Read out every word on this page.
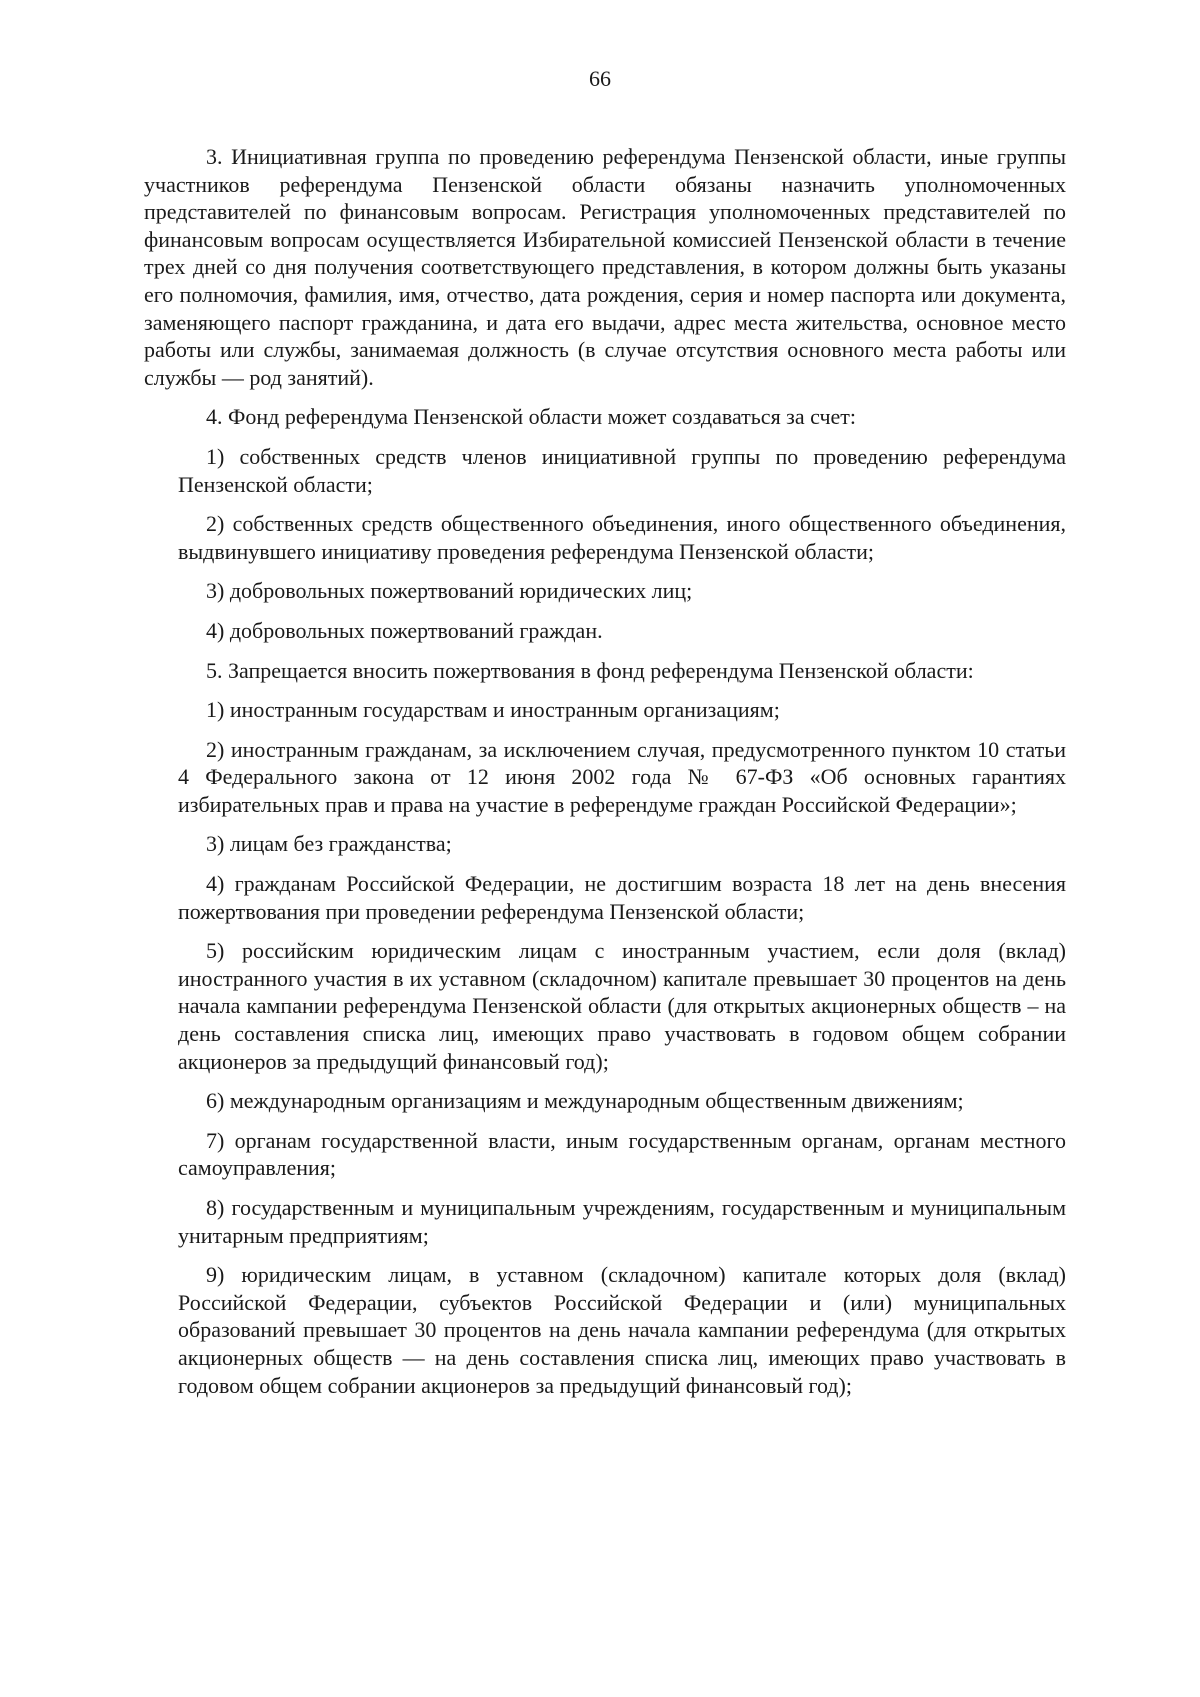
66

3. Инициативная группа по проведению референдума Пензенской области, иные группы участников референдума Пензенской области обязаны назначить уполномоченных представителей по финансовым вопросам. Регистрация уполномоченных представителей по финансовым вопросам осуществляется Избирательной комиссией Пензенской области в течение трех дней со дня получения соответствующего представления, в котором должны быть указаны его полномочия, фамилия, имя, отчество, дата рождения, серия и номер паспорта или документа, заменяющего паспорт гражданина, и дата его выдачи, адрес места жительства, основное место работы или службы, занимаемая должность (в случае отсутствия основного места работы или службы — род занятий).

4. Фонд референдума Пензенской области может создаваться за счет:

1) собственных средств членов инициативной группы по проведению референдума Пензенской области;

2) собственных средств общественного объединения, иного общественного объединения, выдвинувшего инициативу проведения референдума Пензенской области;

3) добровольных пожертвований юридических лиц;

4) добровольных пожертвований граждан.

5. Запрещается вносить пожертвования в фонд референдума Пензенской области:

1) иностранным государствам и иностранным организациям;

2) иностранным гражданам, за исключением случая, предусмотренного пунктом 10 статьи 4 Федерального закона от 12 июня 2002 года № 67-ФЗ «Об основных гарантиях избирательных прав и права на участие в референдуме граждан Российской Федерации»;

3) лицам без гражданства;

4) гражданам Российской Федерации, не достигшим возраста 18 лет на день внесения пожертвования при проведении референдума Пензенской области;

5) российским юридическим лицам с иностранным участием, если доля (вклад) иностранного участия в их уставном (складочном) капитале превышает 30 процентов на день начала кампании референдума Пензенской области (для открытых акционерных обществ – на день составления списка лиц, имеющих право участвовать в годовом общем собрании акционеров за предыдущий финансовый год);

6) международным организациям и международным общественным движениям;

7) органам государственной власти, иным государственным органам, органам местного самоуправления;

8) государственным и муниципальным учреждениям, государственным и муниципальным унитарным предприятиям;

9) юридическим лицам, в уставном (складочном) капитале которых доля (вклад) Российской Федерации, субъектов Российской Федерации и (или) муниципальных образований превышает 30 процентов на день начала кампании референдума (для открытых акционерных обществ — на день составления списка лиц, имеющих право участвовать в годовом общем собрании акционеров за предыдущий финансовый год);
